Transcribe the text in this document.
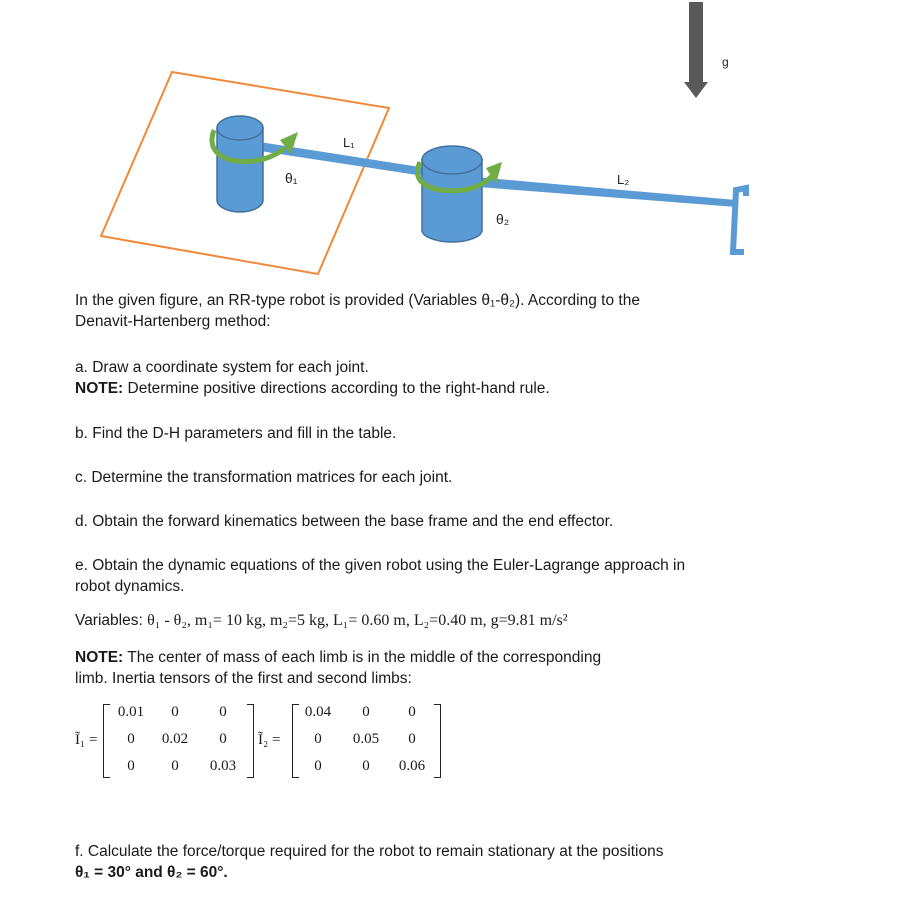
L₁
L₂
θ₁
θ₂
g

In the given figure, an RR-type robot is provided (Variables θ₁-θ₂). According to the

Denavit-Hartenberg method:

a. Draw a coordinate system for each joint.

NOTE: Determine positive directions according to the right-hand rule.

b. Find the D-H parameters and fill in the table.

c. Determine the transformation matrices for each joint.

d. Obtain the forward kinematics between the base frame and the end effector.

e. Obtain the dynamic equations of the given robot using the Euler-Lagrange approach in

robot dynamics.

Variables: θ₁ - θ₂, m₁= 10 kg, m₂=5 kg, L₁= 0.60 m, L₂=0.40 m, g=9.81 m/s²

NOTE: The center of mass of each limb is in the middle of the corresponding

limb. Inertia tensors of the first and second limbs:

Ĩ₁ =
0.01	0	0
0	0.02	0
0	0	0.03
Ĩ₂ =
0.04	0	0
0	0.05	0
0	0	0.06

f. Calculate the force/torque required for the robot to remain stationary at the positions

θ₁ = 30° and θ₂ = 60°.
